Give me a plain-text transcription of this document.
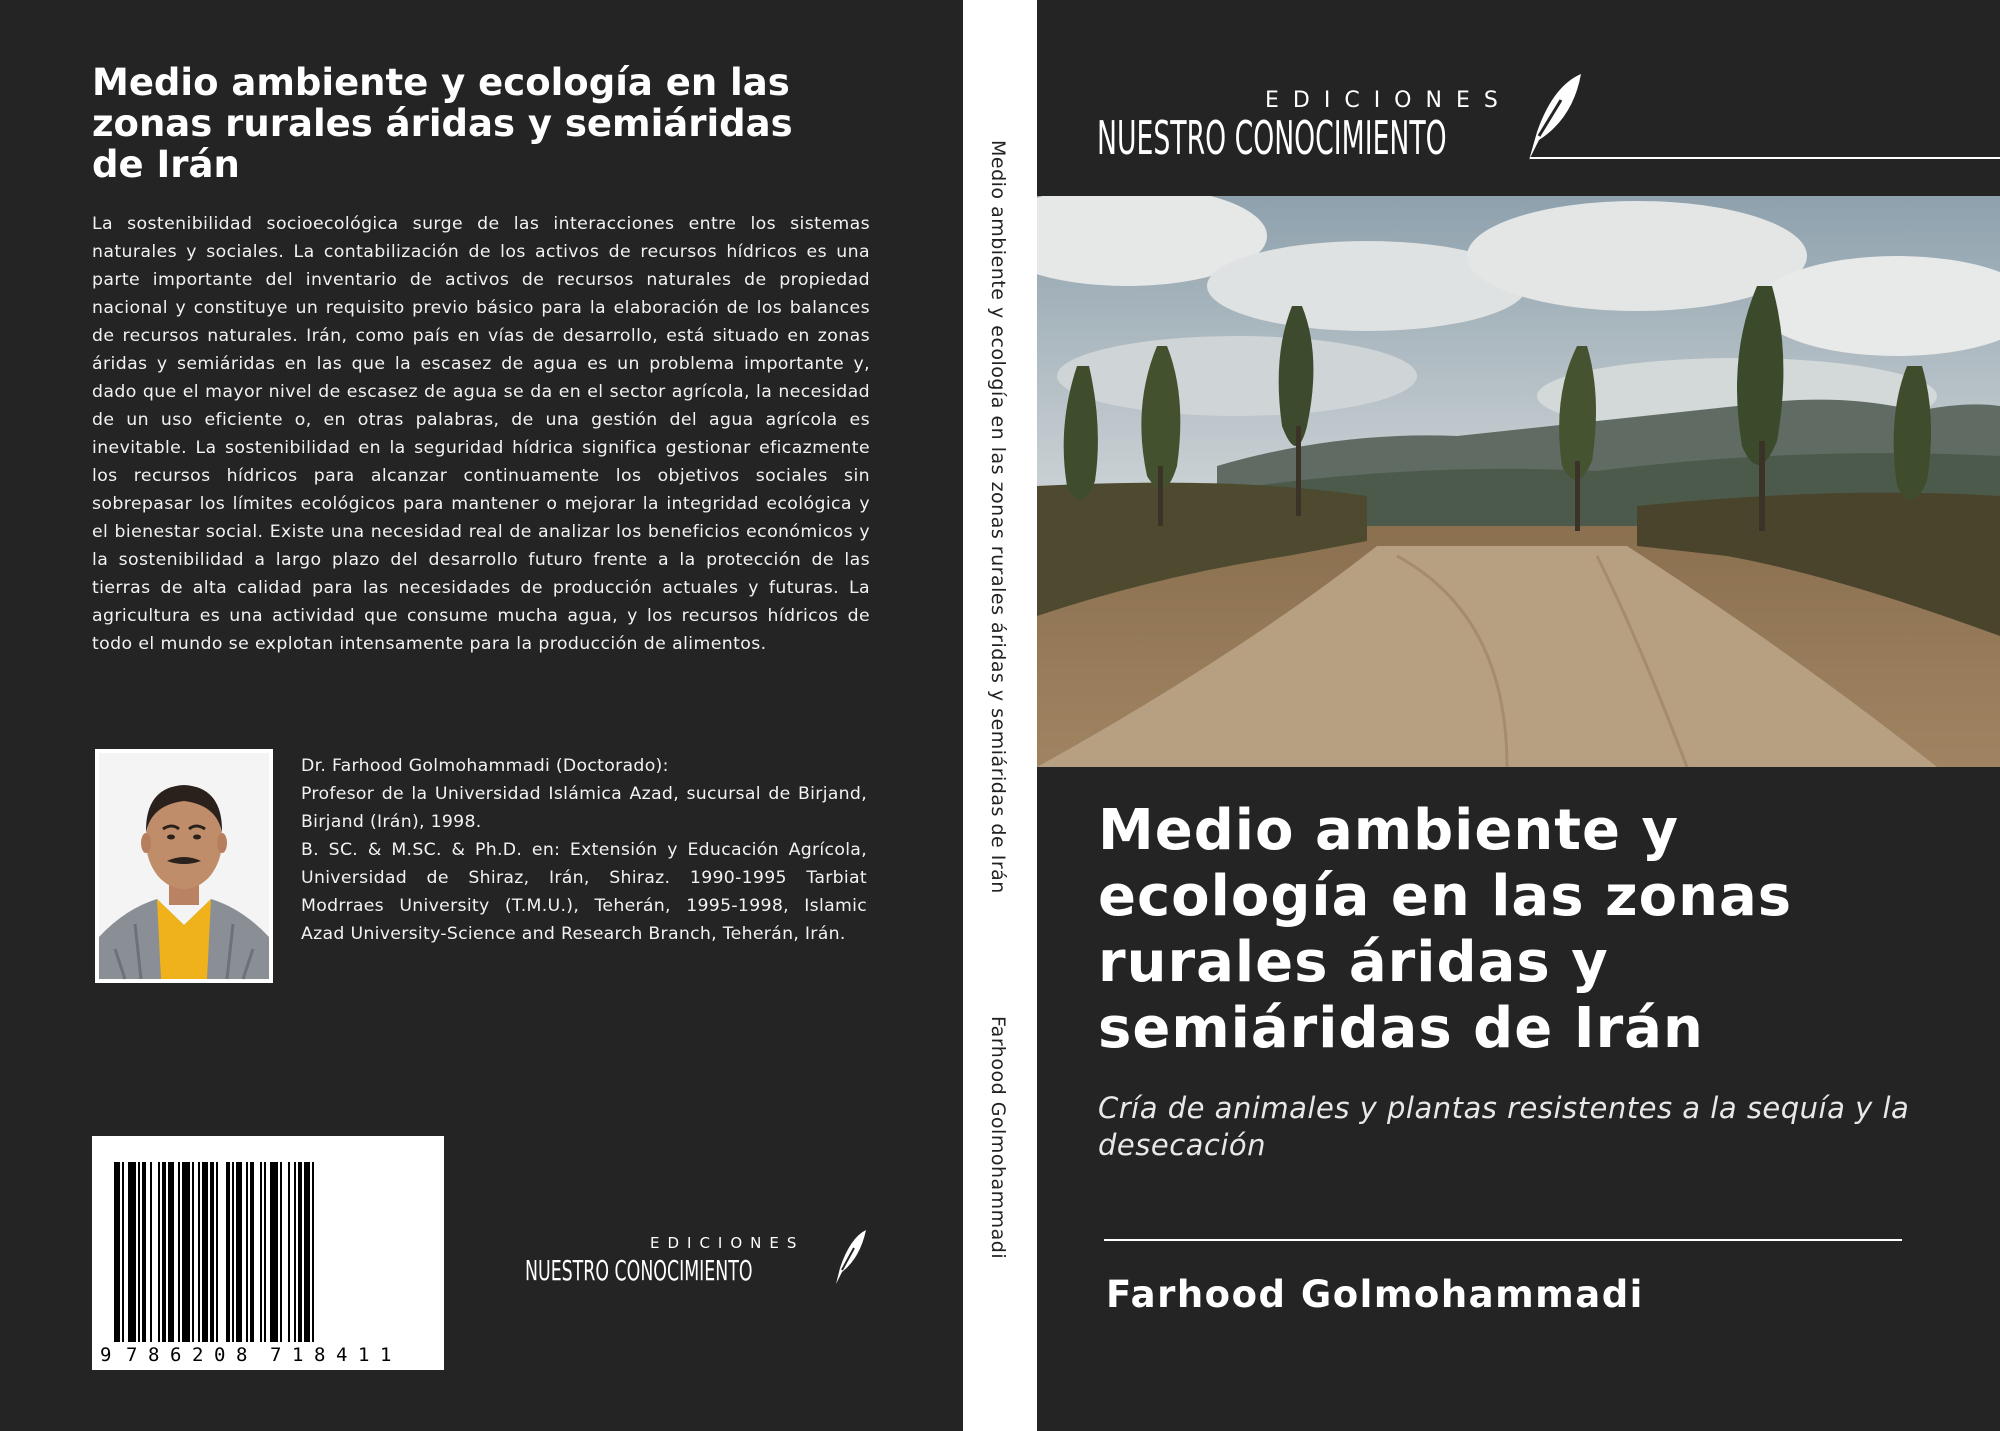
Medio ambiente y ecología en las zonas rurales áridas y semiáridas de Irán
La sostenibilidad socioecológica surge de las interacciones entre los sistemas naturales y sociales. La contabilización de los activos de recursos hídricos es una parte importante del inventario de activos de recursos naturales de propiedad nacional y constituye un requisito previo básico para la elaboración de los balances de recursos naturales. Irán, como país en vías de desarrollo, está situado en zonas áridas y semiáridas en las que la escasez de agua es un problema importante y, dado que el mayor nivel de escasez de agua se da en el sector agrícola, la necesidad de un uso eficiente o, en otras palabras, de una gestión del agua agrícola es inevitable. La sostenibilidad en la seguridad hídrica significa gestionar eficazmente los recursos hídricos para alcanzar continuamente los objetivos sociales sin sobrepasar los límites ecológicos para mantener o mejorar la integridad ecológica y el bienestar social. Existe una necesidad real de analizar los beneficios económicos y la sostenibilidad a largo plazo del desarrollo futuro frente a la protección de las tierras de alta calidad para las necesidades de producción actuales y futuras. La agricultura es una actividad que consume mucha agua, y los recursos hídricos de todo el mundo se explotan intensamente para la producción de alimentos.
Dr. Farhood Golmohammadi (Doctorado):
Profesor de la Universidad Islámica Azad, sucursal de Birjand, Birjand (Irán), 1998.
B. SC. & M.SC. & Ph.D. en: Extensión y Educación Agrícola, Universidad de Shiraz, Irán, Shiraz. 1990-1995 Tarbiat Modrraes University (T.M.U.), Teherán, 1995-1998, Islamic Azad University-Science and Research Branch, Teherán, Irán.
9 7 8 6 2 0 8 7 1 8 4 1 1
EDICIONES
NUESTRO CONOCIMIENTO
Medio ambiente y ecología en las zonas rurales áridas y semiáridas de Irán
Farhood Golmohammadi
EDICIONES
NUESTRO CONOCIMIENTO
Medio ambiente y ecología en las zonas rurales áridas y semiáridas de Irán
Cría de animales y plantas resistentes a la sequía y la desecación
Farhood Golmohammadi
